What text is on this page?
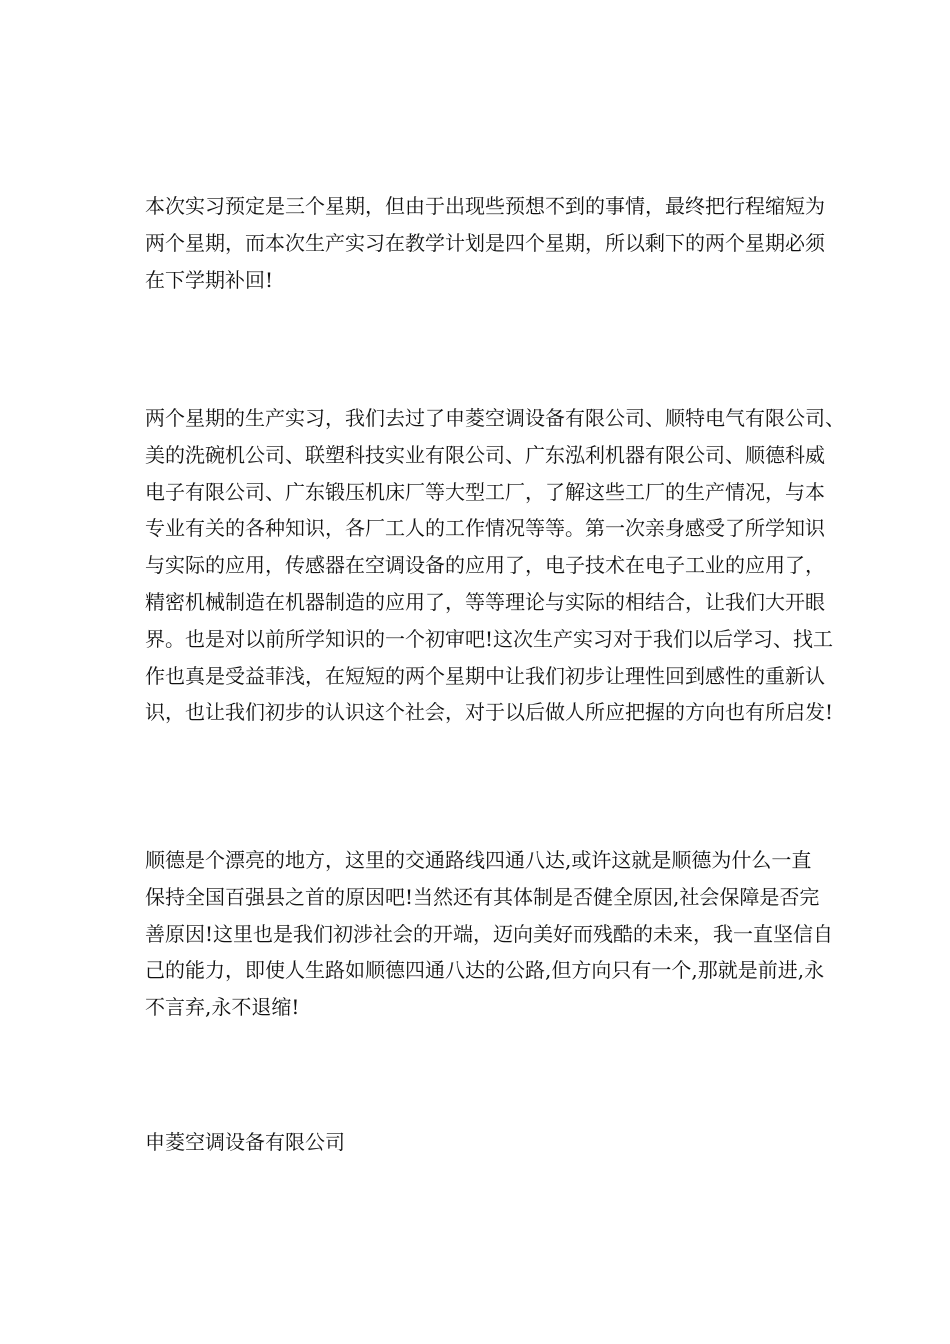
本次实习预定是三个星期，但由于出现些预想不到的事情，最终把行程缩短为
两个星期，而本次生产实习在教学计划是四个星期，所以剩下的两个星期必须
在下学期补回!
两个星期的生产实习，我们去过了申菱空调设备有限公司、顺特电气有限公司、
美的洗碗机公司、联塑科技实业有限公司、广东泓利机器有限公司、顺德科威
电子有限公司、广东锻压机床厂等大型工厂，了解这些工厂的生产情况，与本
专业有关的各种知识，各厂工人的工作情况等等。第一次亲身感受了所学知识
与实际的应用，传感器在空调设备的应用了，电子技术在电子工业的应用了，
精密机械制造在机器制造的应用了，等等理论与实际的相结合，让我们大开眼
界。也是对以前所学知识的一个初审吧!这次生产实习对于我们以后学习、找工
作也真是受益菲浅，在短短的两个星期中让我们初步让理性回到感性的重新认
识，也让我们初步的认识这个社会，对于以后做人所应把握的方向也有所启发!
顺德是个漂亮的地方，这里的交通路线四通八达,或许这就是顺德为什么一直
保持全国百强县之首的原因吧!当然还有其体制是否健全原因,社会保障是否完
善原因!这里也是我们初涉社会的开端，迈向美好而残酷的未来，我一直坚信自
己的能力，即使人生路如顺德四通八达的公路,但方向只有一个,那就是前进,永
不言弃,永不退缩!
申菱空调设备有限公司
